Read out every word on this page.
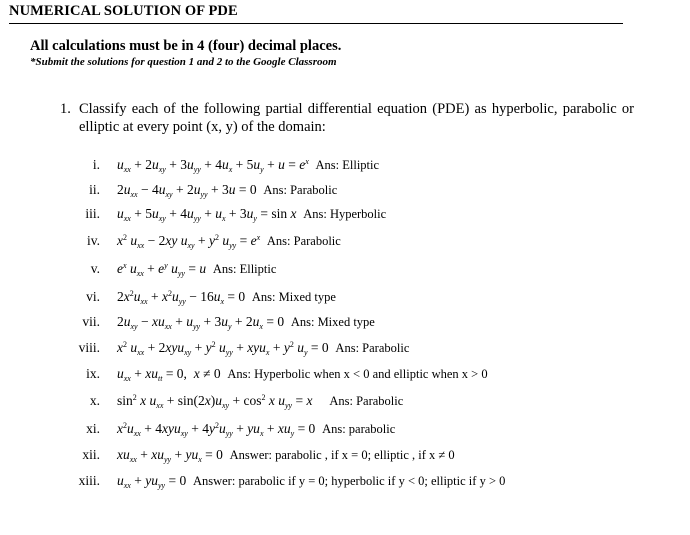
NUMERICAL SOLUTION OF PDE
All calculations must be in 4 (four) decimal places.
*Submit the solutions for question 1 and 2 to the Google Classroom
1. Classify each of the following partial differential equation (PDE) as hyperbolic, parabolic or elliptic at every point (x, y) of the domain:
i. $u_{xx} + 2u_{xy} + 3u_{yy} + 4u_x + 5u_y + u = e^x$ Ans: Elliptic
ii. $2u_{xx} - 4u_{xy} + 2u_{yy} + 3u = 0$  Ans: Parabolic
iii. $u_{xx} + 5u_{xy} + 4u_{yy} + u_x + 3u_y = \sin x$ Ans: Hyperbolic
iv. $x^2$ $u_{xx} - 2xy$ $u_{xy} + y^2$ $u_{yy} = e^x$ Ans: Parabolic
v. $e^x$ $u_{xx} + e^y$ $u_{yy} = u$ Ans: Elliptic
vi. $2x^2u_{xx} + x^2u_{yy} - 16u_x = 0$  Ans: Mixed type
vii. $2u_{xy} - xu_{xx} + u_{yy} + 3u_y + 2u_x = 0$  Ans: Mixed type
viii. $x^2$ $u_{xx} + 2xyu_{xy} + y^2$ $u_{yy} + xyu_x + y^2$ $u_y = 0$  Ans: Parabolic
ix. $u_{xx} + xu_{tt} = 0$,  x ≠ 0  Ans: Hyperbolic when x < 0 and elliptic when x > 0
x. $\sin^2 x$ $u_{xx} + \sin(2x)u_{xy} + \cos^2 x$ $u_{yy} = x$ Ans: Parabolic
xi. $x^2u_{xx} + 4xyu_{xy} + 4y^2u_{yy} + yu_x + xu_y = 0$  Ans: parabolic
xii. $xu_{xx} + xu_{yy} + yu_x = 0$  Answer: parabolic , if x = 0; elliptic , if x ≠ 0
xiii. $u_{xx} + yu_{yy} = 0$  Answer: parabolic if y = 0; hyperbolic if y < 0; elliptic if y > 0
